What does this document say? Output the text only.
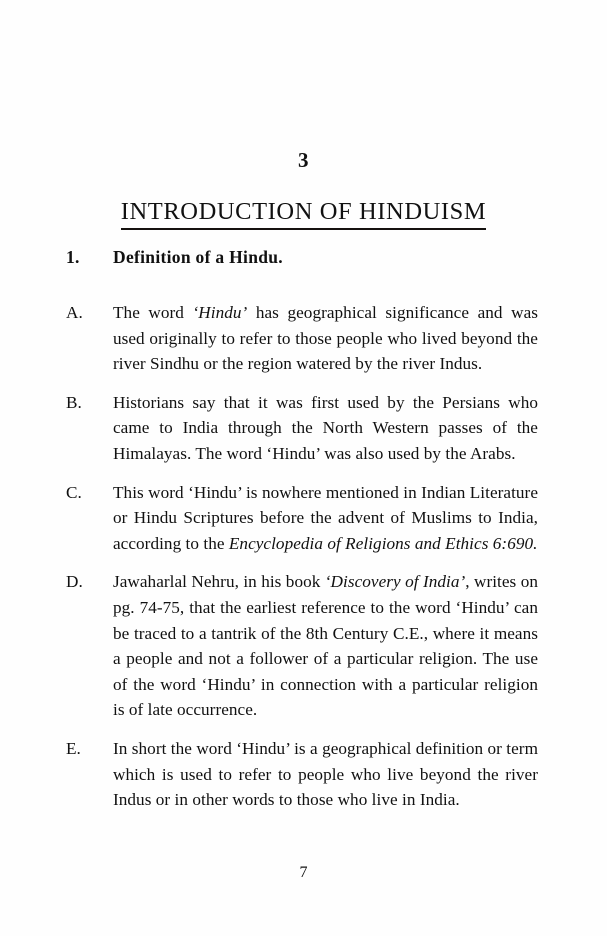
3
INTRODUCTION OF HINDUISM
1. Definition of a Hindu.
A. The word ‘Hindu’ has geographical significance and was used originally to refer to those people who lived beyond the river Sindhu or the region watered by the river Indus.
B. Historians say that it was first used by the Persians who came to India through the North Western passes of the Himalayas. The word ‘Hindu’ was also used by the Arabs.
C. This word ‘Hindu’ is nowhere mentioned in Indian Literature or Hindu Scriptures before the advent of Muslims to India, according to the Encyclopedia of Religions and Ethics 6:690.
D. Jawaharlal Nehru, in his book ‘Discovery of India’, writes on pg. 74-75, that the earliest reference to the word ‘Hindu’ can be traced to a tantrik of the 8th Century C.E., where it means a people and not a follower of a particular religion. The use of the word ‘Hindu’ in connection with a particular religion is of late occurrence.
E. In short the word ‘Hindu’ is a geographical definition or term which is used to refer to people who live beyond the river Indus or in other words to those who live in India.
7
